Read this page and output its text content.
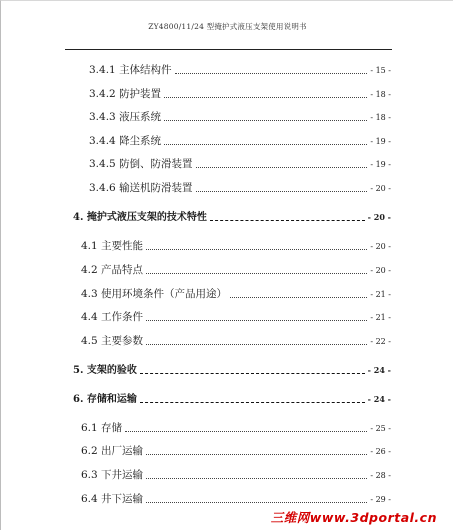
ZY4800/11/24 型掩护式液压支架使用说明书
3.4.1 主体结构件	- 15 -
3.4.2 防护装置	- 18 -
3.4.3 液压系统	- 18 -
3.4.4 降尘系统	- 19 -
3.4.5 防倒、防滑装置	- 19 -
3.4.6 输送机防滑装置	- 20 -
4. 掩护式液压支架的技术特性	- 20 -
4.1 主要性能	- 20 -
4.2 产品特点	- 20 -
4.3 使用环境条件（产品用途）	- 21 -
4.4 工作条件	- 21 -
4.5 主要参数	- 22 -
5. 支架的验收	- 24 -
6. 存储和运输	- 24 -
6.1 存储	- 25 -
6.2 出厂运输	- 26 -
6.3 下井运输	- 28 -
6.4 井下运输	- 29 -
三维网www.3dportal.cn
